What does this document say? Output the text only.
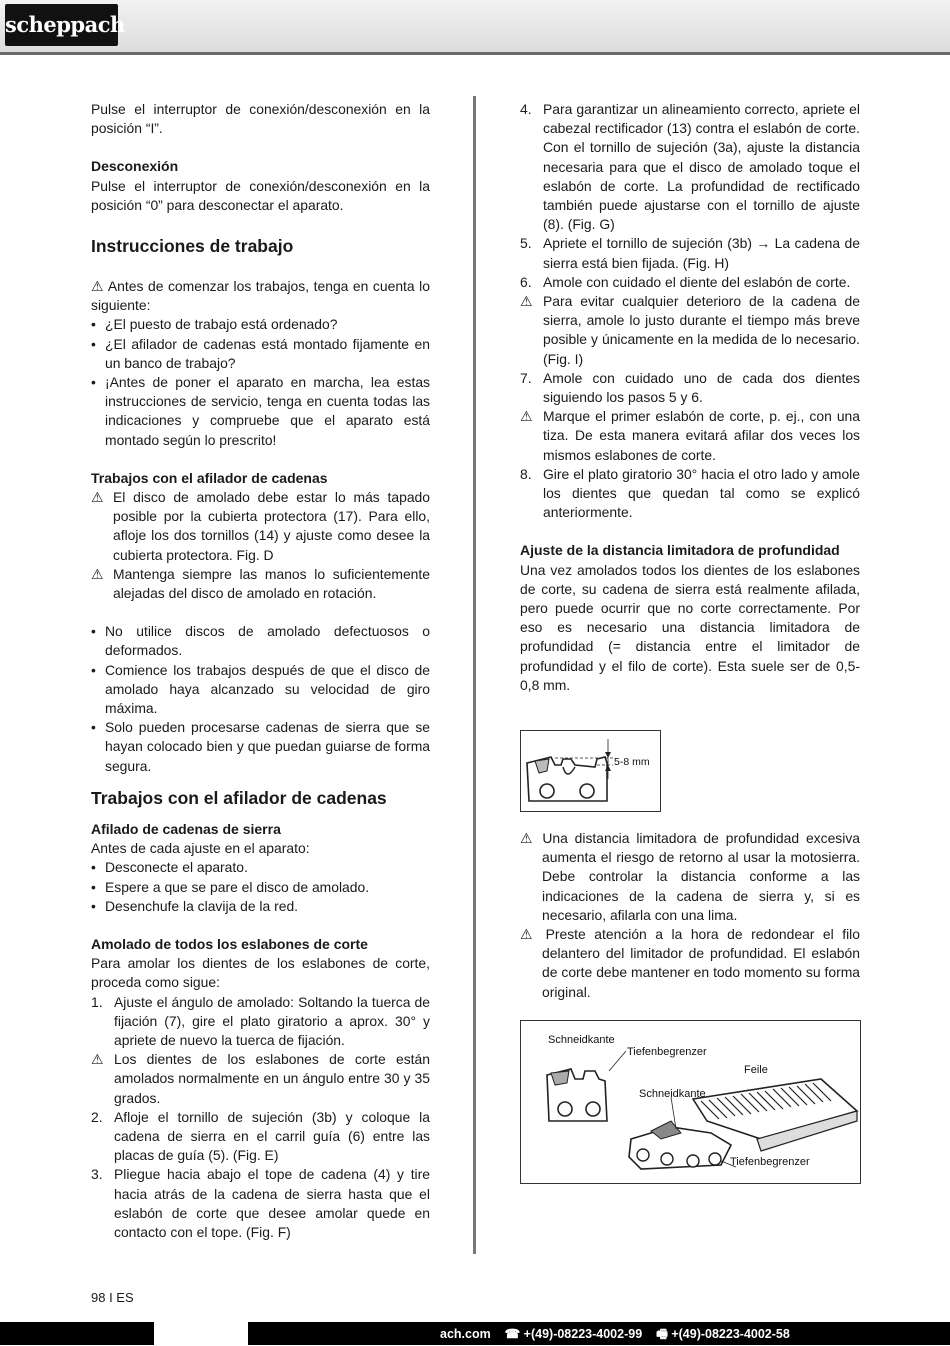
scheppach

Pulse el interruptor de conexión/desconexión en la posición “I”.

Desconexión

Pulse el interruptor de conexión/desconexión en la posición “0” para desconectar el aparato.

Instrucciones de trabajo

⚠ Antes de comenzar los trabajos, tenga en cuenta lo siguiente:

• ¿El puesto de trabajo está ordenado?
• ¿El afilador de cadenas está montado fijamente en un banco de trabajo?
• ¡Antes de poner el aparato en marcha, lea estas instrucciones de servicio, tenga en cuenta todas las indicaciones y compruebe que el aparato está montado según lo prescrito!
Trabajos con el afilador de cadenas
⚠ El disco de amolado debe estar lo más tapado posible por la cubierta protectora (17). Para ello, afloje los dos tornillos (14) y ajuste como desee la cubierta protectora. Fig. D
⚠ Mantenga siempre las manos lo suficientemente alejadas del disco de amolado en rotación.
• No utilice discos de amolado defectuosos o deformados.
• Comience los trabajos después de que el disco de amolado haya alcanzado su velocidad de giro máxima.
• Solo pueden procesarse cadenas de sierra que se hayan colocado bien y que puedan guiarse de forma segura.
Trabajos con el afilador de cadenas
Afilado de cadenas de sierra

Antes de cada ajuste en el aparato:

• Desconecte el aparato.
• Espere a que se pare el disco de amolado.
• Desenchufe la clavija de la red.
Amolado de todos los eslabones de corte

Para amolar los dientes de los eslabones de corte, proceda como sigue:

1. Ajuste el ángulo de amolado: Soltando la tuerca de fijación (7), gire el plato giratorio a aprox. 30° y apriete de nuevo la tuerca de fijación.
⚠ Los dientes de los eslabones de corte están amolados normalmente en un ángulo entre 30 y 35 grados.
2. Afloje el tornillo de sujeción (3b) y coloque la cadena de sierra en el carril guía (6) entre las placas de guía (5). (Fig. E)
3. Pliegue hacia abajo el tope de cadena (4) y tire hacia atrás de la cadena de sierra hasta que el eslabón de corte que desee amolar quede en contacto con el tope. (Fig. F)
4. Para garantizar un alineamiento correcto, apriete el cabezal rectificador (13) contra el eslabón de corte. Con el tornillo de sujeción (3a), ajuste la distancia necesaria para que el disco de amolado toque el eslabón de corte. La profundidad de rectificado también puede ajustarse con el tornillo de ajuste (8). (Fig. G)
5. Apriete el tornillo de sujeción (3b) → La cadena de sierra está bien fijada. (Fig. H)
6. Amole con cuidado el diente del eslabón de corte.
⚠ Para evitar cualquier deterioro de la cadena de sierra, amole lo justo durante el tiempo más breve posible y únicamente en la medida de lo necesario. (Fig. I)
7. Amole con cuidado uno de cada dos dientes siguiendo los pasos 5 y 6.
⚠ Marque el primer eslabón de corte, p. ej., con una tiza. De esta manera evitará afilar dos veces los mismos eslabones de corte.
8. Gire el plato giratorio 30° hacia el otro lado y amole los dientes que quedan tal como se explicó anteriormente.
Ajuste de la distancia limitadora de profundidad

Una vez amolados todos los dientes de los eslabones de corte, su cadena de sierra está realmente afilada, pero puede ocurrir que no corte correctamente. Por eso es necesario una distancia limitadora de profundidad (= distancia entre el limitador de profundidad y el filo de corte). Esta suele ser de 0,5-0,8 mm.

5-8 mm

⚠ Una distancia limitadora de profundidad excesiva aumenta el riesgo de retorno al usar la motosierra. Debe controlar la distancia conforme a las indicaciones de la cadena de sierra y, si es necesario, afilarla con una lima.

⚠ Preste atención a la hora de redondear el filo delantero del limitador de profundidad. El eslabón de corte debe mantener en todo momento su forma original.

Schneidkante
Tiefenbegrenzer
Feile
Schneidkante
Tiefenbegrenzer
98 I ES
ach.com ☎ +(49)-08223-4002-99 🖷 +(49)-08223-4002-58
